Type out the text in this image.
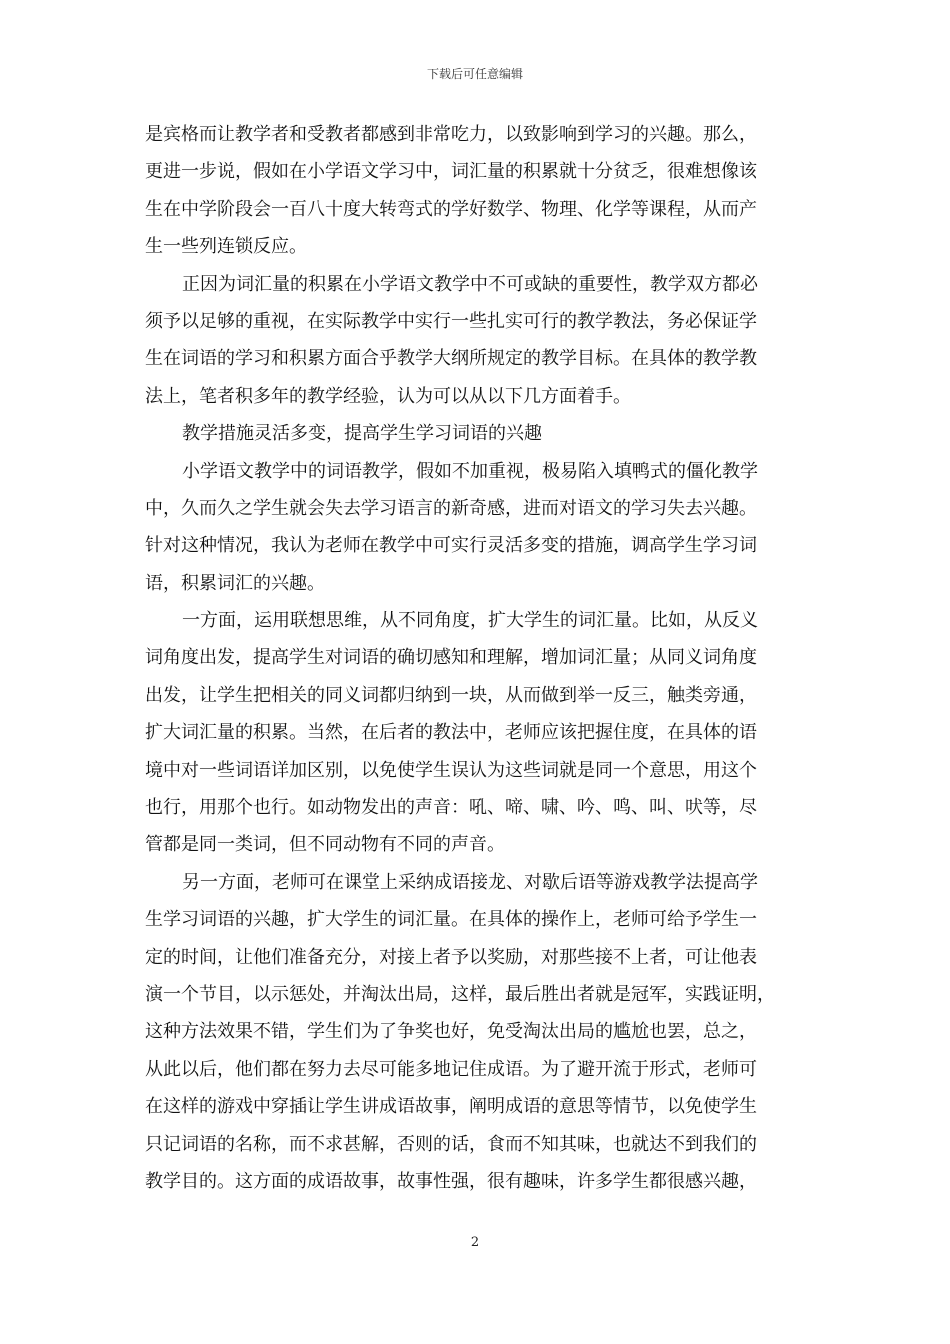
下载后可任意编辑
是宾格而让教学者和受教者都感到非常吃力，以致影响到学习的兴趣。那么，
更进一步说，假如在小学语文学习中，词汇量的积累就十分贫乏，很难想像该
生在中学阶段会一百八十度大转弯式的学好数学、物理、化学等课程，从而产
生一些列连锁反应。
正因为词汇量的积累在小学语文教学中不可或缺的重要性，教学双方都必
须予以足够的重视，在实际教学中实行一些扎实可行的教学教法，务必保证学
生在词语的学习和积累方面合乎教学大纲所规定的教学目标。在具体的教学教
法上，笔者积多年的教学经验，认为可以从以下几方面着手。
教学措施灵活多变，提高学生学习词语的兴趣
小学语文教学中的词语教学，假如不加重视，极易陷入填鸭式的僵化教学
中，久而久之学生就会失去学习语言的新奇感，进而对语文的学习失去兴趣。
针对这种情况，我认为老师在教学中可实行灵活多变的措施，调高学生学习词
语，积累词汇的兴趣。
一方面，运用联想思维，从不同角度，扩大学生的词汇量。比如，从反义
词角度出发，提高学生对词语的确切感知和理解，增加词汇量；从同义词角度
出发，让学生把相关的同义词都归纳到一块，从而做到举一反三，触类旁通，
扩大词汇量的积累。当然，在后者的教法中，老师应该把握住度，在具体的语
境中对一些词语详加区别，以免使学生误认为这些词就是同一个意思，用这个
也行，用那个也行。如动物发出的声音：吼、啼、啸、吟、鸣、叫、吠等，尽
管都是同一类词，但不同动物有不同的声音。
另一方面，老师可在课堂上采纳成语接龙、对歇后语等游戏教学法提高学
生学习词语的兴趣，扩大学生的词汇量。在具体的操作上，老师可给予学生一
定的时间，让他们准备充分，对接上者予以奖励，对那些接不上者，可让他表
演一个节目，以示惩处，并淘汰出局，这样，最后胜出者就是冠军，实践证明，
这种方法效果不错，学生们为了争奖也好，免受淘汰出局的尴尬也罢，总之，
从此以后，他们都在努力去尽可能多地记住成语。为了避开流于形式，老师可
在这样的游戏中穿插让学生讲成语故事，阐明成语的意思等情节，以免使学生
只记词语的名称，而不求甚解，否则的话，食而不知其味，也就达不到我们的
教学目的。这方面的成语故事，故事性强，很有趣味，许多学生都很感兴趣，
2
